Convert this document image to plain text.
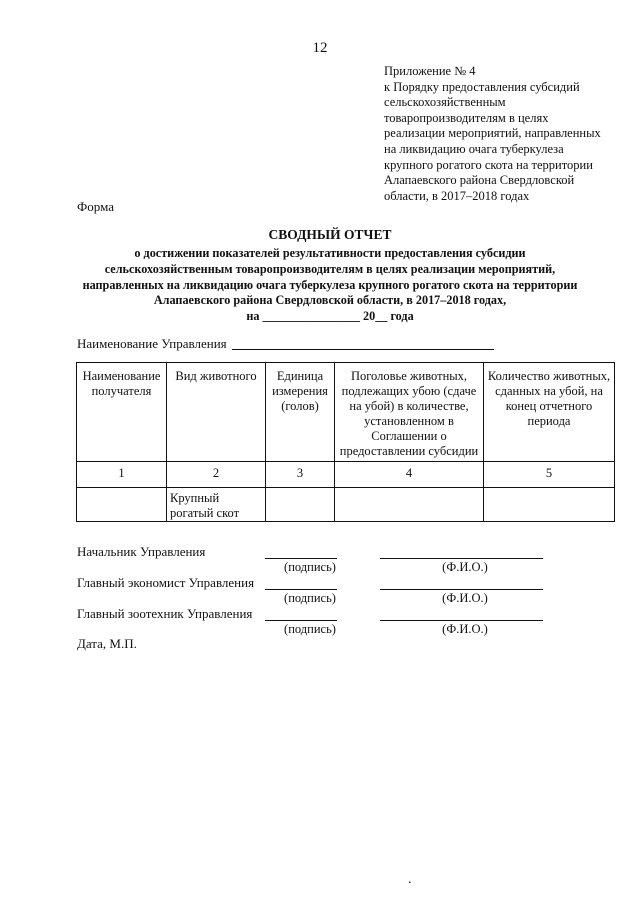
12
Приложение № 4
к Порядку предоставления субсидий
сельскохозяйственным
товаропроизводителям в целях
реализации мероприятий, направленных
на ликвидацию очага туберкулеза
крупного рогатого скота на территории
Алапаевского района Свердловской
области, в 2017–2018 годах
Форма
СВОДНЫЙ ОТЧЕТ
о достижении показателей результативности предоставления субсидии
сельскохозяйственным товаропроизводителям в целях реализации мероприятий,
направленных на ликвидацию очага туберкулеза крупного рогатого скота на территории
Алапаевского района Свердловской области, в 2017–2018 годах,
на ________________ 20__ года
Наименование Управления
Наименование получателя	Вид животного	Единица измерения (голов)	Поголовье животных, подлежащих убою (сдаче на убой) в количестве, установленном в Соглашении о предоставлении субсидии	Количество животных, сданных на убой, на конец отчетного периода
1	2	3	4	5
	Крупный рогатый скот			
Начальник Управления
(подпись)	(Ф.И.О.)
Главный экономист Управления
(подпись)	(Ф.И.О.)
Главный зоотехник Управления
(подпись)	(Ф.И.О.)
Дата, М.П.
.
